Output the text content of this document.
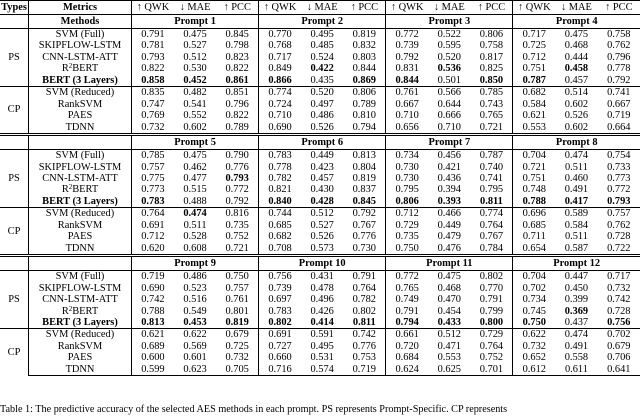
Types	Metrics	↑ QWK	↓ MAE	↑ PCC	↑ QWK	↓ MAE	↑ PCC	↑ QWK	↓ MAE	↑ PCC	↑ QWK	↓ MAE	↑ PCC
	Methods	Prompt 1			Prompt 2			Prompt 3			Prompt 4		
PS	SVM (Full)	0.791	0.475	0.845	0.770	0.495	0.819	0.772	0.522	0.806	0.717	0.475	0.758
	SKIPFLOW-LSTM	0.781	0.527	0.798	0.768	0.485	0.832	0.739	0.595	0.758	0.725	0.468	0.762
	CNN-LSTM-ATT	0.793	0.512	0.823	0.717	0.524	0.803	0.792	0.520	0.817	0.712	0.444	0.796
	$R^2BERT$	0.822	0.530	0.822	0.849	0.422	0.844	0.831	0.536	0.825	0.751	0.458	0.778
	BERT (3 Layers)	0.858	0.452	0.861	0.866	0.435	0.869	0.844	0.501	0.850	0.787	0.457	0.792
CP	SVM (Reduced)	0.835	0.482	0.851	0.774	0.520	0.806	0.761	0.566	0.785	0.682	0.514	0.741
	RankSVM	0.747	0.541	0.796	0.724	0.497	0.789	0.667	0.644	0.743	0.584	0.602	0.667
	PAES	0.769	0.552	0.822	0.710	0.486	0.810	0.710	0.666	0.765	0.621	0.526	0.719
	TDNN	0.732	0.602	0.789	0.690	0.526	0.794	0.656	0.710	0.721	0.553	0.602	0.664
		Prompt 5			Prompt 6			Prompt 7			Prompt 8		
PS	SVM (Full)	0.785	0.475	0.790	0.783	0.449	0.813	0.734	0.456	0.787	0.704	0.474	0.754
	SKIPFLOW-LSTM	0.757	0.462	0.776	0.778	0.423	0.804	0.730	0.421	0.740	0.721	0.511	0.733
	CNN-LSTM-ATT	0.775	0.477	0.793	0.782	0.457	0.819	0.730	0.436	0.741	0.751	0.460	0.773
	$R^2BERT$	0.773	0.515	0.772	0.821	0.430	0.837	0.795	0.394	0.795	0.748	0.491	0.772
	BERT (3 Layers)	0.783	0.488	0.792	0.840	0.428	0.845	0.806	0.393	0.811	0.788	0.417	0.793
CP	SVM (Reduced)	0.764	0.474	0.816	0.744	0.512	0.792	0.712	0.466	0.774	0.696	0.589	0.757
	RankSVM	0.691	0.511	0.735	0.685	0.527	0.767	0.729	0.449	0.764	0.685	0.584	0.762
	PAES	0.712	0.528	0.752	0.682	0.526	0.776	0.735	0.479	0.767	0.711	0.511	0.728
	TDNN	0.620	0.608	0.721	0.708	0.573	0.730	0.750	0.476	0.784	0.654	0.587	0.722
		Prompt 9			Prompt 10			Prompt 11			Prompt 12		
PS	SVM (Full)	0.719	0.486	0.750	0.756	0.431	0.791	0.772	0.475	0.802	0.704	0.447	0.717
	SKIPFLOW-LSTM	0.690	0.523	0.757	0.739	0.478	0.764	0.765	0.468	0.770	0.702	0.450	0.732
	CNN-LSTM-ATT	0.742	0.516	0.761	0.697	0.496	0.782	0.749	0.470	0.791	0.734	0.399	0.742
	$R^2BERT$	0.788	0.549	0.801	0.783	0.426	0.802	0.791	0.454	0.799	0.745	0.369	0.728
	BERT (3 Layers)	0.813	0.453	0.819	0.802	0.414	0.811	0.794	0.433	0.800	0.750	0.437	0.756
CP	SVM (Reduced)	0.621	0.622	0.679	0.691	0.591	0.742	0.661	0.512	0.729	0.622	0.474	0.702
	RankSVM	0.689	0.569	0.725	0.727	0.495	0.776	0.720	0.471	0.764	0.732	0.491	0.679
	PAES	0.600	0.601	0.732	0.660	0.531	0.753	0.684	0.553	0.752	0.652	0.558	0.706
	TDNN	0.599	0.623	0.705	0.716	0.574	0.719	0.624	0.625	0.701	0.612	0.611	0.641
Table 1: The predictive accuracy of the selected AES methods in each prompt. PS represents Prompt-Specific. CP represents
